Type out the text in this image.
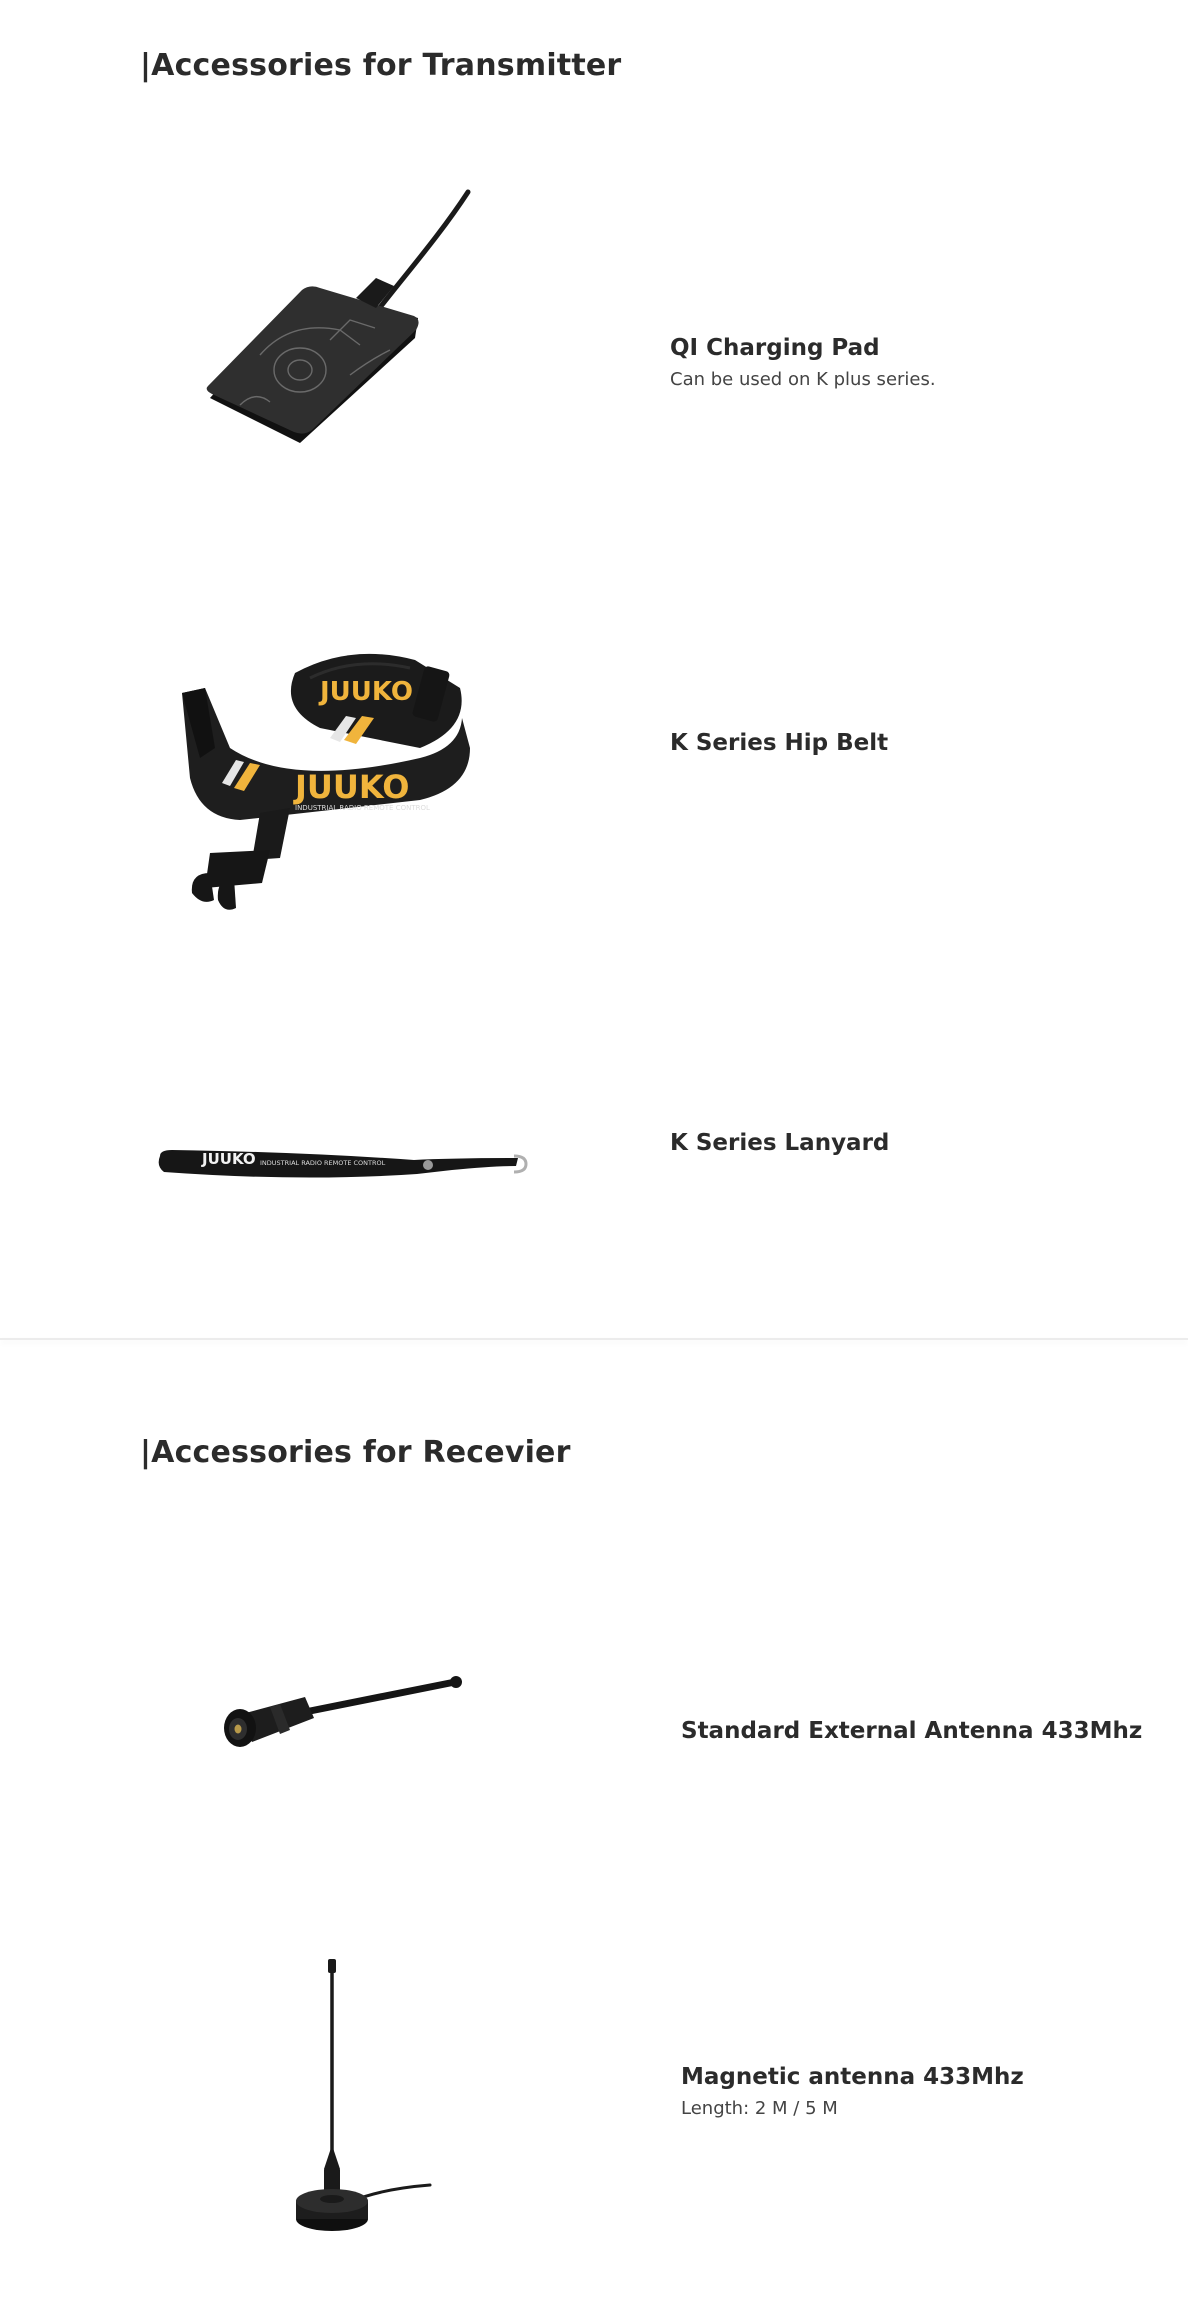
|Accessories for Transmitter
QI Charging Pad

Can be used on K plus series.

JUUKO
JUUKO
INDUSTRIAL RADIO REMOTE CONTROL
K Series Hip Belt

JUUKO INDUSTRIAL RADIO REMOTE CONTROL
K Series Lanyard

|Accessories for Recevier
Standard External Antenna 433Mhz

Magnetic antenna 433Mhz

Length: 2 M / 5 M
